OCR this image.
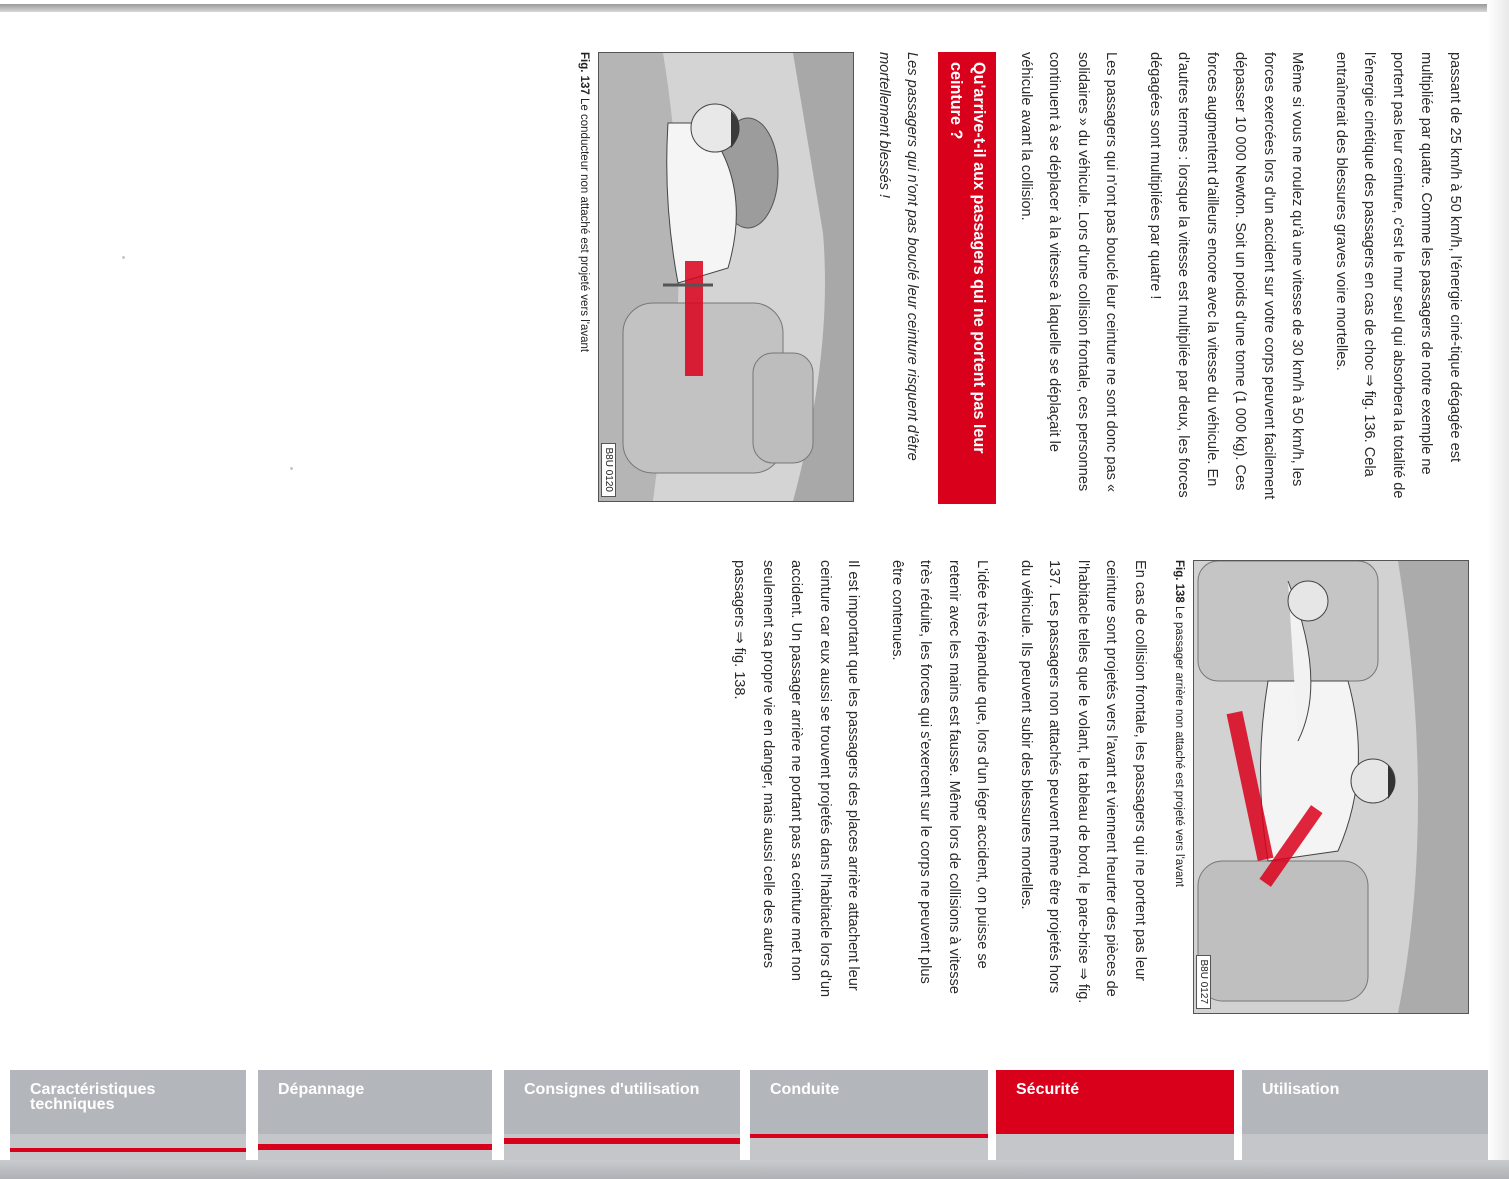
passant de 25 km/h à 50 km/h, l'énergie ciné-tique dégagée est multipliée par quatre. Comme les passagers de notre exemple ne portent pas leur ceinture, c'est le mur seul qui absorbera la totalité de l'énergie cinétique des passagers en cas de choc ⇒ fig. 136. Cela entraînerait des blessures graves voire mortelles.

Même si vous ne roulez qu'à une vitesse de 30 km/h à 50 km/h, les forces exercées lors d'un accident sur votre corps peuvent facilement dépasser 10 000 Newton. Soit un poids d'une tonne (1 000 kg). Ces forces augmentent d'ailleurs encore avec la vitesse du véhicule. En d'autres termes : lorsque la vitesse est multipliée par deux, les forces dégagées sont multipliées par quatre !

Les passagers qui n'ont pas bouclé leur ceinture ne sont donc pas « solidaires » du véhicule. Lors d'une collision frontale, ces personnes continuent à se déplacer à la vitesse à laquelle se déplaçait le véhicule avant la collision.

Qu'arrive-t-il aux passagers qui ne portent pas leur ceinture ?

Les passagers qui n'ont pas bouclé leur ceinture risquent d'être mortellement blessés !

B8U 0120
Fig. 137 Le conducteur non attaché est projeté vers l'avant
B8U 0127
Fig. 138 Le passager arrière non attaché est projeté vers l'avant

En cas de collision frontale, les passagers qui ne portent pas leur ceinture sont projetés vers l'avant et viennent heurter des pièces de l'habitacle telles que le volant, le tableau de bord, le pare-brise ⇒ fig. 137. Les passagers non attachés peuvent même être projetés hors du véhicule. Ils peuvent subir des blessures mortelles.

L'idée très répandue que, lors d'un léger accident, on puisse se retenir avec les mains est fausse. Même lors de collisions à vitesse très réduite, les forces qui s'exercent sur le corps ne peuvent plus être contenues.

Il est important que les passagers des places arrière attachent leur ceinture car eux aussi se trouvent projetés dans l'habitacle lors d'un accident. Un passager arrière ne portant pas sa ceinture met non seulement sa propre vie en danger, mais aussi celle des autres passagers ⇒ fig. 138.

Caractéristiques techniques
Dépannage	Consignes d'utilisation	Conduite	Sécurité	Utilisation
